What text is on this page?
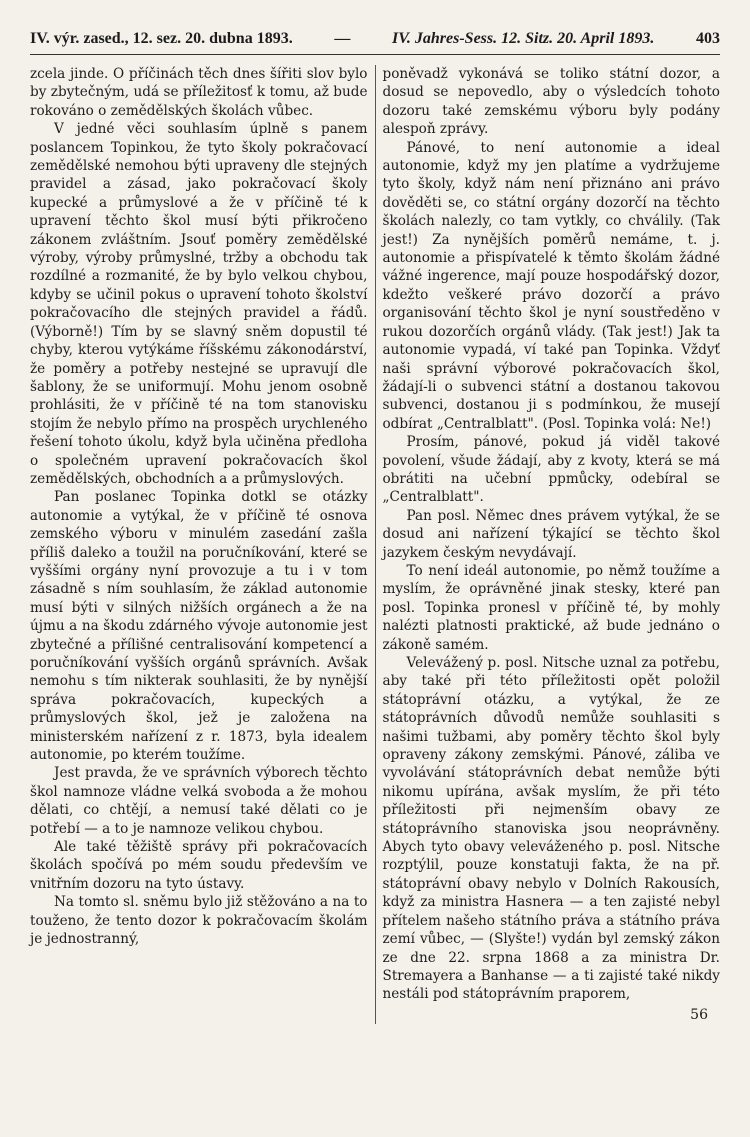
IV. výr. zased., 12. sez. 20. dubna 1893.	—	IV. Jahres-Sess. 12. Sitz. 20. April 1893.	403

zcela jinde. O příčinách těch dnes šířiti slov bylo by zbytečným, udá se příležitosť k tomu, až bude rokováno o zemědělských školách vůbec.

V jedné věci souhlasím úplně s panem poslancem Topinkou, že tyto školy pokračovací zemědělské nemohou býti upraveny dle stejných pravidel a zásad, jako pokračovací školy kupecké a průmyslové a že v příčině té k upravení těchto škol musí býti přikročeno zákonem zvláštním. Jsouť poměry zemědělské výroby, výroby průmyslné, tržby a obchodu tak rozdílné a rozmanité, že by bylo velkou chybou, kdyby se učinil pokus o upravení tohoto školství pokračovacího dle stejných pravidel a řádů. (Výborně!) Tím by se slavný sněm dopustil té chyby, kterou vytýkáme říšskému zákonodárství, že poměry a potřeby nestejné se upravují dle šablony, že se uniformují. Mohu jenom osobně prohlásiti, že v příčině té na tom stanovisku stojím že nebylo přímo na prospěch urychleného řešení tohoto úkolu, když byla učiněna předloha o společném upravení pokračovacích škol zemědělských, obchodních a a průmyslových.

Pan poslanec Topinka dotkl se otázky autonomie a vytýkal, že v příčině té osnova zemského výboru v minulém zasedání zašla příliš daleko a toužil na poručníkování, které se vyššími orgány nyní provozuje a tu i v tom zásadně s ním souhlasím, že základ autonomie musí býti v silných nižších orgánech a že na újmu a na škodu zdárného vývoje autonomie jest zbytečné a přílišné centralisování kompetencí a poručníkování vyšších orgánů správních. Avšak nemohu s tím nikterak souhlasiti, že by nynější správa pokračovacích, kupeckých a průmyslových škol, jež je založena na ministerském nařízení z r. 1873, byla idealem autonomie, po kterém toužíme.

Jest pravda, že ve správních výborech těchto škol namnoze vládne velká svoboda a že mohou dělati, co chtějí, a nemusí také dělati co je potřebí — a to je namnoze velikou chybou.

Ale také těžiště správy při pokračovacích školách spočívá po mém soudu především ve vnitřním dozoru na tyto ústavy.

Na tomto sl. sněmu bylo již stěžováno a na to touženo, že tento dozor k pokračovacím školám je jednostranný,

poněvadž vykonává se toliko státní dozor, a dosud se nepovedlo, aby o výsledcích tohoto dozoru také zemskému výboru byly podány alespoň zprávy.

Pánové, to není autonomie a ideal autonomie, když my jen platíme a vydržujeme tyto školy, když nám není přiznáno ani právo dověděti se, co státní orgány dozorčí na těchto školách nalezly, co tam vytkly, co chválily. (Tak jest!) Za nynějších poměrů nemáme, t. j. autonomie a přispívatelé k těmto školám žádné vážné ingerence, mají pouze hospodářský dozor, kdežto veškeré právo dozorčí a právo organisování těchto škol je nyní soustředěno v rukou dozorčích orgánů vlády. (Tak jest!) Jak ta autonomie vypadá, ví také pan Topinka. Vždyť naši správní výborové pokračovacích škol, žádají-li o subvenci státní a dostanou takovou subvenci, dostanou ji s podmínkou, že musejí odbírat „Centralblatt". (Posl. Topinka volá: Ne!)

Prosím, pánové, pokud já viděl takové povolení, všude žádají, aby z kvoty, která se má obrátiti na učební ppmůcky, odebíral se „Centralblatt".

Pan posl. Němec dnes právem vytýkal, že se dosud ani nařízení týkající se těchto škol jazykem českým nevydávají.

To není ideál autonomie, po němž toužíme a myslím, že oprávněné jinak stesky, které pan posl. Topinka pronesl v příčině té, by mohly nalézti platnosti praktické, až bude jednáno o zákoně samém.

Velevážený p. posl. Nitsche uznal za potřebu, aby také při této příležitosti opět položil státoprávní otázku, a vytýkal, že ze státoprávních důvodů nemůže souhlasiti s našimi tužbami, aby poměry těchto škol byly opraveny zákony zemskými. Pánové, záliba ve vyvolávání státoprávních debat nemůže býti nikomu upírána, avšak myslím, že při této příležitosti při nejmenším obavy ze státoprávního stanoviska jsou neoprávněny. Abych tyto obavy veleváženého p. posl. Nitsche rozptýlil, pouze konstatuji fakta, že na př. státoprávní obavy nebylo v Dolních Rakousích, když za ministra Hasnera — a ten zajisté nebyl přítelem našeho státního práva a státního práva zemí vůbec, — (Slyšte!) vydán byl zemský zákon ze dne 22. srpna 1868 a za ministra Dr. Stremayera a Banhanse — a ti zajisté také nikdy nestáli pod státoprávním praporem,

56
